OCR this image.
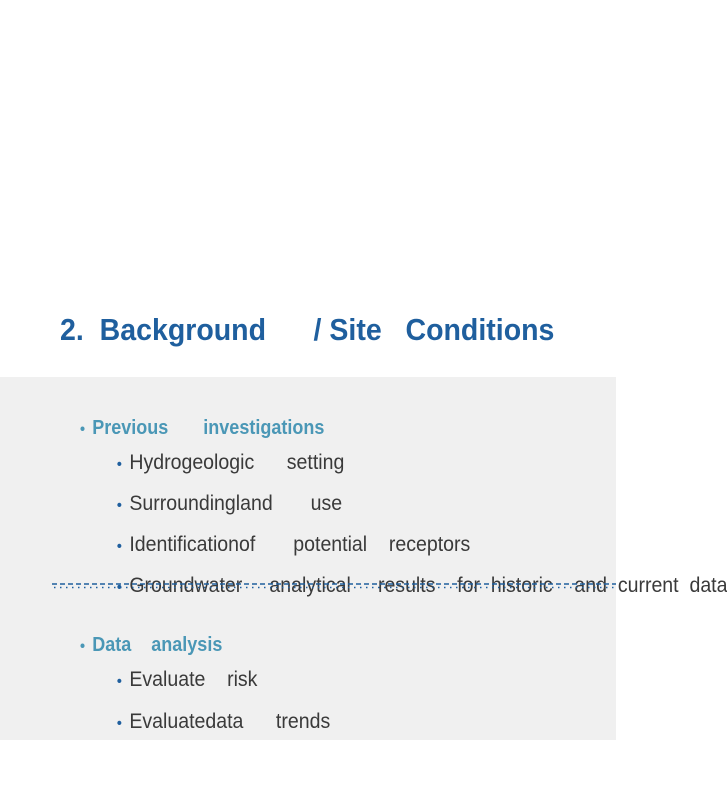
2.  Background      / Site   Conditions

• Previous       investigations

• Hydrogeologic      setting

• Surroundingland       use

• Identificationof       potential    receptors

• Groundwater     analytical     results    for  historic    and  current  data

• Data    analysis

• Evaluate    risk

• Evaluatedata      trends
